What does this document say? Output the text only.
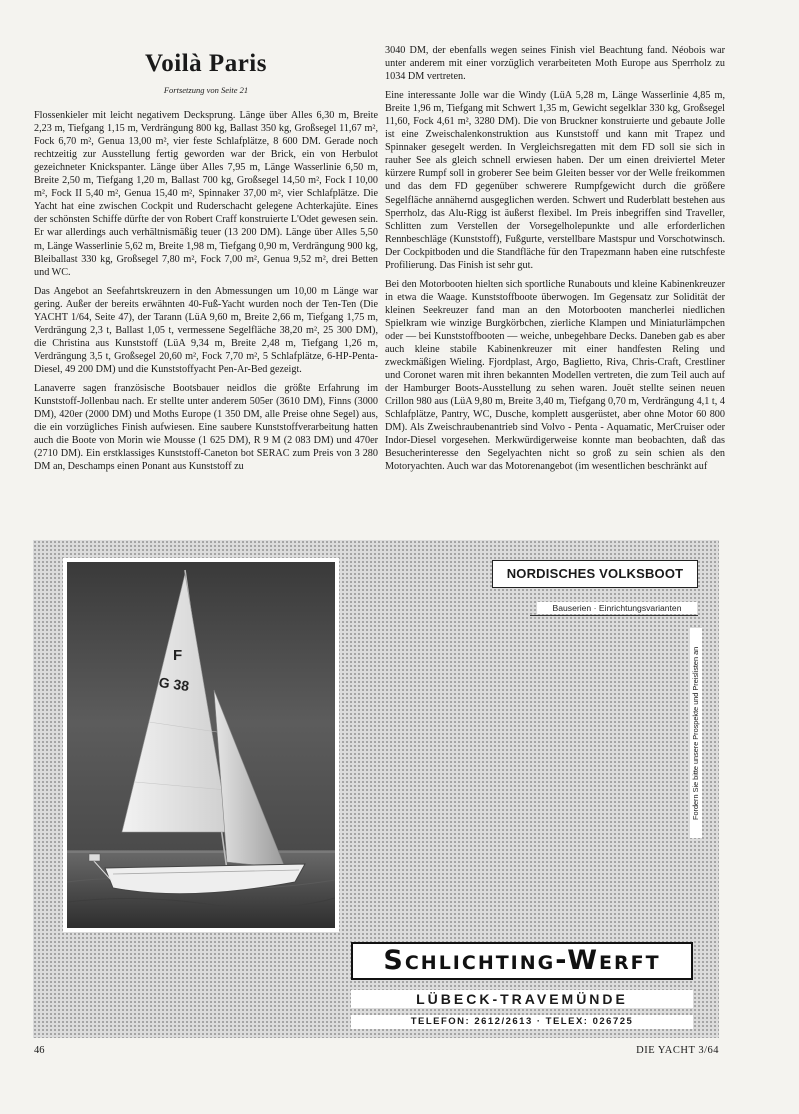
Voilà Paris
Fortsetzung von Seite 21

Flossenkieler mit leicht negativem Decksprung. Länge über Alles 6,30 m, Breite 2,23 m, Tiefgang 1,15 m, Verdrängung 800 kg, Ballast 350 kg, Großsegel 11,67 m², Fock 6,70 m², Genua 13,00 m², vier feste Schlafplätze, 8 600 DM. Gerade noch rechtzeitig zur Ausstellung fertig geworden war der Brick, ein von Herbulot gezeichneter Knickspanter. Länge über Alles 7,95 m, Länge Wasserlinie 6,50 m, Breite 2,50 m, Tiefgang 1,20 m, Ballast 700 kg, Großsegel 14,50 m², Fock I 10,00 m², Fock II 5,40 m², Genua 15,40 m², Spinnaker 37,00 m², vier Schlafplätze. Die Yacht hat eine zwischen Cockpit und Ruderschacht gelegene Achterkajüte. Eines der schönsten Schiffe dürfte der von Robert Craff konstruierte L'Odet gewesen sein. Er war allerdings auch verhältnismäßig teuer (13 200 DM). Länge über Alles 5,50 m, Länge Wasserlinie 5,62 m, Breite 1,98 m, Tiefgang 0,90 m, Verdrängung 900 kg, Bleiballast 330 kg, Großsegel 7,80 m², Fock 7,00 m², Genua 9,52 m², drei Betten und WC.

Das Angebot an Seefahrtskreuzern in den Abmessungen um 10,00 m Länge war gering. Außer der bereits erwähnten 40-Fuß-Yacht wurden noch der Ten-Ten (Die YACHT 1/64, Seite 47), der Tarann (LüA 9,60 m, Breite 2,66 m, Tiefgang 1,75 m, Verdrängung 2,3 t, Ballast 1,05 t, vermessene Segelfläche 38,20 m², 25 300 DM), die Christina aus Kunststoff (LüA 9,34 m, Breite 2,48 m, Tiefgang 1,26 m, Verdrängung 3,5 t, Großsegel 20,60 m², Fock 7,70 m², 5 Schlafplätze, 6-HP-Penta-Diesel, 49 200 DM) und die Kunststoffyacht Pen-Ar-Bed gezeigt.

Lanaverre sagen französische Bootsbauer neidlos die größte Erfahrung im Kunststoff-Jollenbau nach. Er stellte unter anderem 505er (3610 DM), Finns (3000 DM), 420er (2000 DM) und Moths Europe (1 350 DM, alle Preise ohne Segel) aus, die ein vorzügliches Finish aufwiesen. Eine saubere Kunststoffverarbeitung hatten auch die Boote von Morin wie Mousse (1 625 DM), R 9 M (2 083 DM) und 470er (2710 DM). Ein erstklassiges Kunststoff-Caneton bot SERAC zum Preis von 3 280 DM an, Deschamps einen Ponant aus Kunststoff zu

3040 DM, der ebenfalls wegen seines Finish viel Beachtung fand. Néobois war unter anderem mit einer vorzüglich verarbeiteten Moth Europe aus Sperrholz zu 1034 DM vertreten.

Eine interessante Jolle war die Windy (LüA 5,28 m, Länge Wasserlinie 4,85 m, Breite 1,96 m, Tiefgang mit Schwert 1,35 m, Gewicht segelklar 330 kg, Großsegel 11,60, Fock 4,61 m², 3280 DM). Die von Bruckner konstruierte und gebaute Jolle ist eine Zweischalenkonstruktion aus Kunststoff und kann mit Trapez und Spinnaker gesegelt werden. In Vergleichsregatten mit dem FD soll sie sich in rauher See als gleich schnell erwiesen haben. Der um einen dreiviertel Meter kürzere Rumpf soll in groberer See beim Gleiten besser vor der Welle freikommen und das dem FD gegenüber schwerere Rumpfgewicht durch die größere Segelfläche annähernd ausgeglichen werden. Schwert und Ruderblatt bestehen aus Sperrholz, das Alu-Rigg ist äußerst flexibel. Im Preis inbegriffen sind Traveller, Schlitten zum Verstellen der Vorsegelholepunkte und alle erforderlichen Rennbeschläge (Kunststoff), Fußgurte, verstellbare Mastspur und Vorschotwinsch. Der Cockpitboden und die Standfläche für den Trapezmann haben eine rutschfeste Profilierung. Das Finish ist sehr gut.

Bei den Motorbooten hielten sich sportliche Runabouts und kleine Kabinenkreuzer in etwa die Waage. Kunststoffboote überwogen. Im Gegensatz zur Solidität der kleinen Seekreuzer fand man an den Motorbooten mancherlei niedlichen Spielkram wie winzige Burgkörbchen, zierliche Klampen und Miniaturlämpchen oder — bei Kunststoffbooten — weiche, unbegehbare Decks. Daneben gab es aber auch kleine stabile Kabinenkreuzer mit einer handfesten Reling und zweckmäßigen Wieling. Fjordplast, Argo, Baglietto, Riva, Chris-Craft, Crestliner und Coronet waren mit ihren bekannten Modellen vertreten, die zum Teil auch auf der Hamburger Boots-Ausstellung zu sehen waren. Jouët stellte seinen neuen Crillon 980 aus (LüA 9,80 m, Breite 3,40 m, Tiefgang 0,70 m, Verdrängung 4,1 t, 4 Schlafplätze, Pantry, WC, Dusche, komplett ausgerüstet, aber ohne Motor 60 800 DM). Als Zweischraubenantrieb sind Volvo - Penta - Aquamatic, MerCruiser oder Indor-Diesel vorgesehen. Merkwürdigerweise konnte man beobachten, daß das Besucherinteresse den Segelyachten nicht so groß zu sein schien als den Motoryachten. Auch war das Motorenangebot (im wesentlichen beschränkt auf

F
G 38
NORDISCHES VOLKSBOOT
Bauserien · Einrichtungsvarianten
Fordern Sie bitte unsere Prospekte und Preislisten an
Schlichting-Werft
LÜBECK-TRAVEMÜNDE
TELEFON: 2612/2613 · TELEX: 026725
46	DIE YACHT 3/64
